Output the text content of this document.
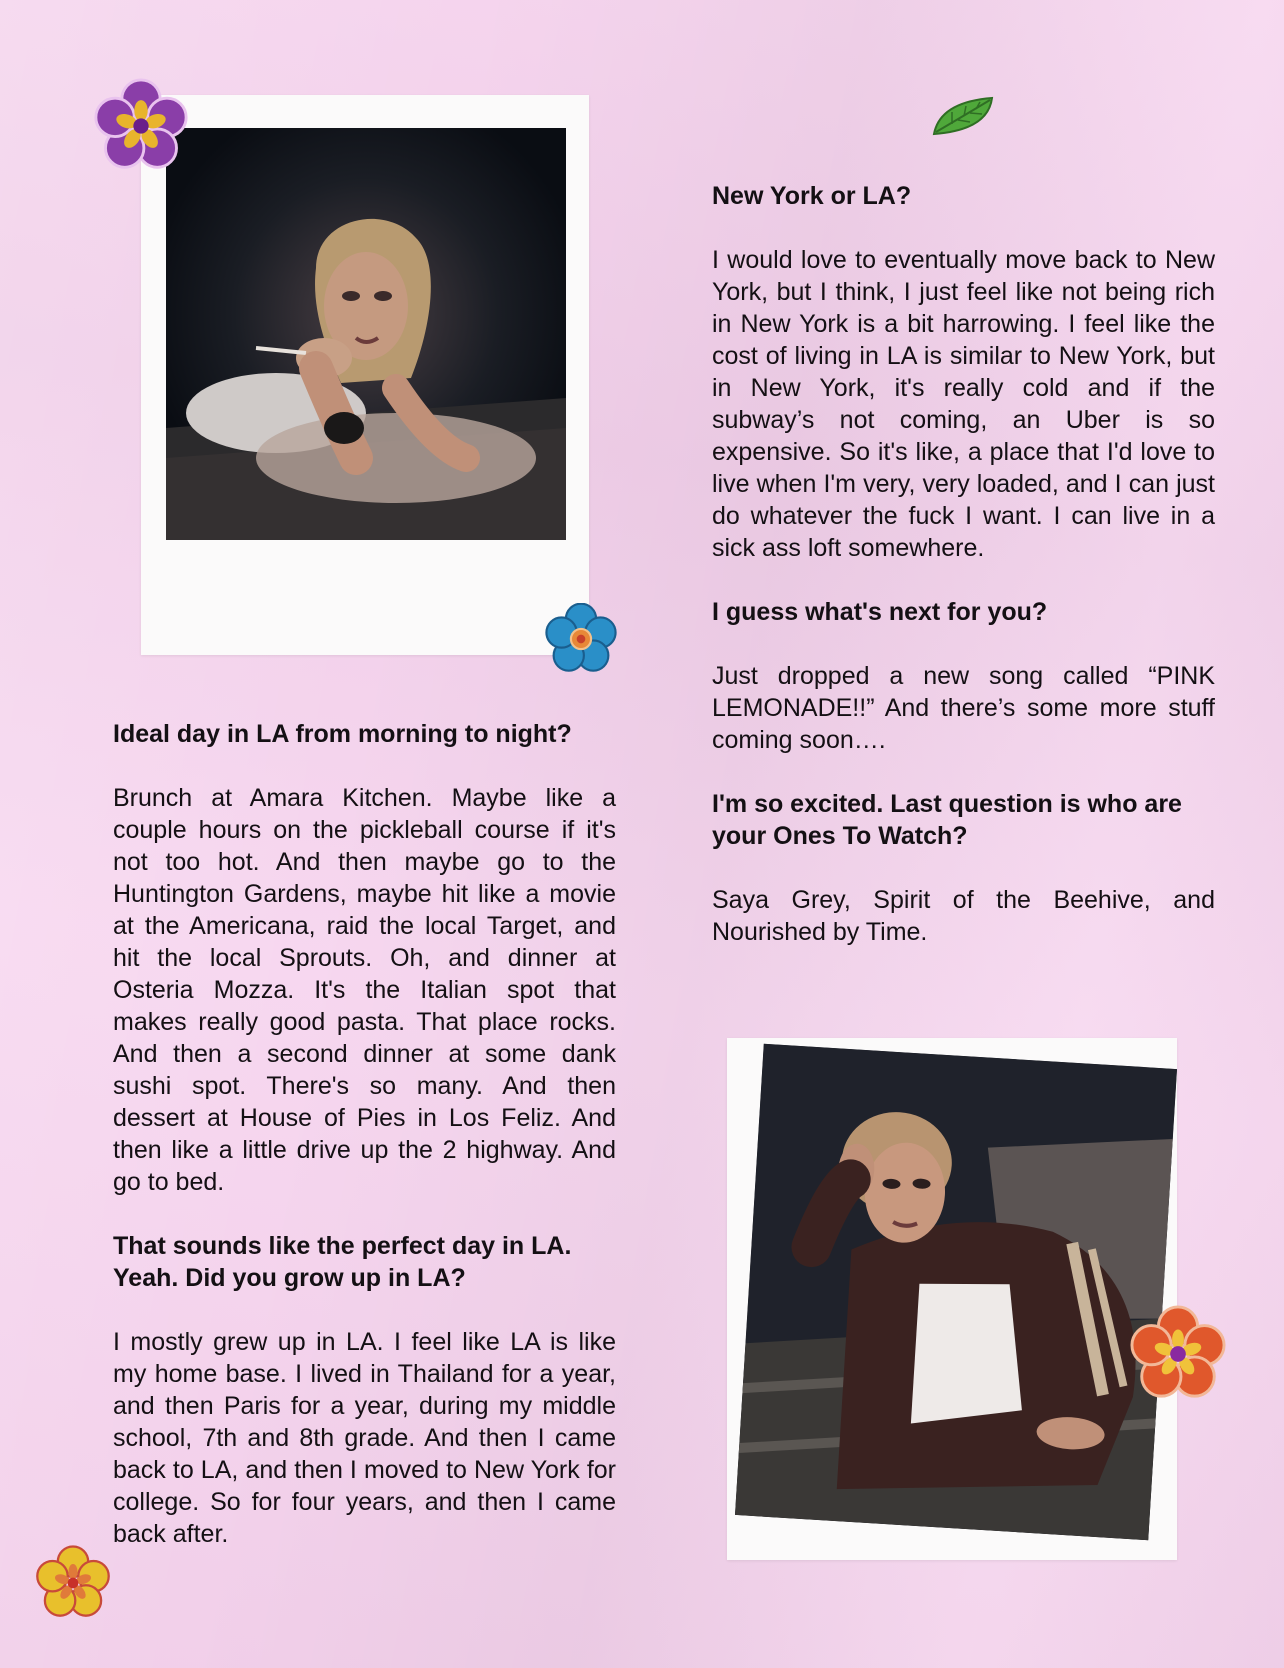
Ideal day in LA from morning to night?

Brunch at Amara Kitchen. Maybe like a couple hours on the pickleball course if it's not too hot. And then maybe go to the Huntington Gardens, maybe hit like a movie at the Americana, raid the local Target, and hit the local Sprouts. Oh, and dinner at Osteria Mozza. It's the Italian spot that makes really good pasta. That place rocks. And then a second dinner at some dank sushi spot. There's so many. And then dessert at House of Pies in Los Feliz. And then like a little drive up the 2 highway. And go to bed.

That sounds like the perfect day in LA. Yeah. Did you grow up in LA?

I mostly grew up in LA. I feel like LA is like my home base. I lived in Thailand for a year, and then Paris for a year, during my middle school, 7th and 8th grade. And then I came back to LA, and then I moved to New York for college. So for four years, and then I came back after.

New York or LA?

I would love to eventually move back to New York, but I think, I just feel like not being rich in New York is a bit harrowing. I feel like the cost of living in LA is similar to New York, but in New York, it's really cold and if the subway’s not coming, an Uber is so expensive. So it's like, a place that I'd love to live when I'm very, very loaded, and I can just do whatever the fuck I want. I can live in a sick ass loft somewhere.

I guess what's next for you?

Just dropped a new song called “PINK LEMONADE!!” And there’s some more stuff coming soon….

I'm so excited. Last question is who are your Ones To Watch?

Saya Grey, Spirit of the Beehive, and Nourished by Time.
